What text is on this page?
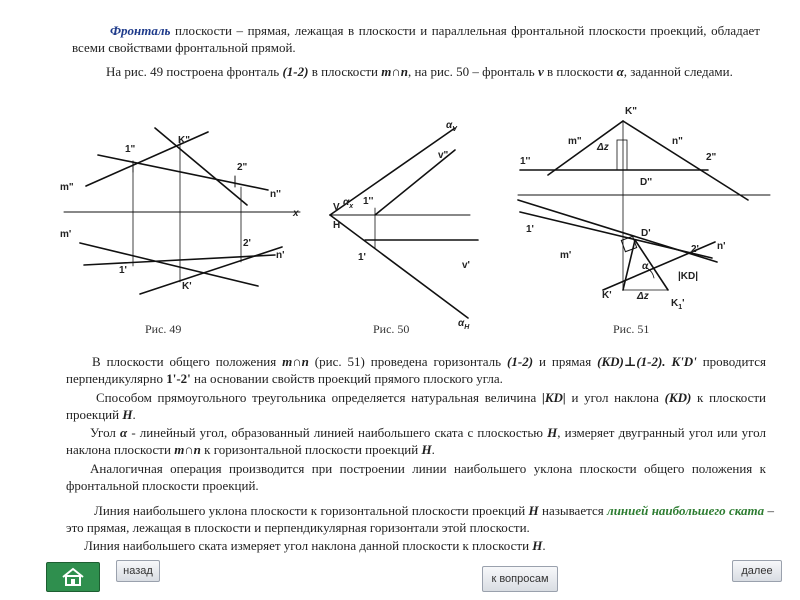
Фронталь плоскости – прямая, лежащая в плоскости и параллельная фронтальной плоскости проекций, обладает всеми свойствами фронтальной прямой.

На рис. 49 построена фронталь (1-2) в плоскости m∩n, на рис. 50 – фронталь v в плоскости α, заданной следами.

m"
n''
K"
1"
2"
x
m'
n'
K'
1'
2'
Рис. 49
$\alpha_V$
v"
$\alpha_x$
V
H
1''
1'
v'
$\alpha_H$
Рис. 50
K"
m"	n"
Δz
1''	2"
D''
1'	D'
m'
n'
2'
α
|KD|
K'	Δz
$K_1'$
Рис. 51

В плоскости общего положения m∩n (рис. 51) проведена горизонталь (1-2) и прямая (KD)⊥(1-2). K'D' проводится перпендикулярно 1'-2' на основании свойств проекций прямого плоского угла.

Способом прямоугольного треугольника определяется натуральная величина |KD| и угол наклона (KD) к плоскости проекций H.

Угол α - линейный угол, образованный линией наибольшего ската с плоскостью H, измеряет двугранный угол или угол наклона плоскости m∩n к горизонтальной плоскости проекций H.

Аналогичная операция производится при построении линии наибольшего уклона плоскости общего положения к фронтальной плоскости проекций.

Линия наибольшего уклона плоскости к горизонтальной плоскости проекций H называется линией наибольшего ската – это прямая, лежащая в плоскости и перпендикулярная горизонтали этой плоскости.

Линия наибольшего ската измеряет угол наклона данной плоскости к плоскости H.

назад
к вопросам
далее
